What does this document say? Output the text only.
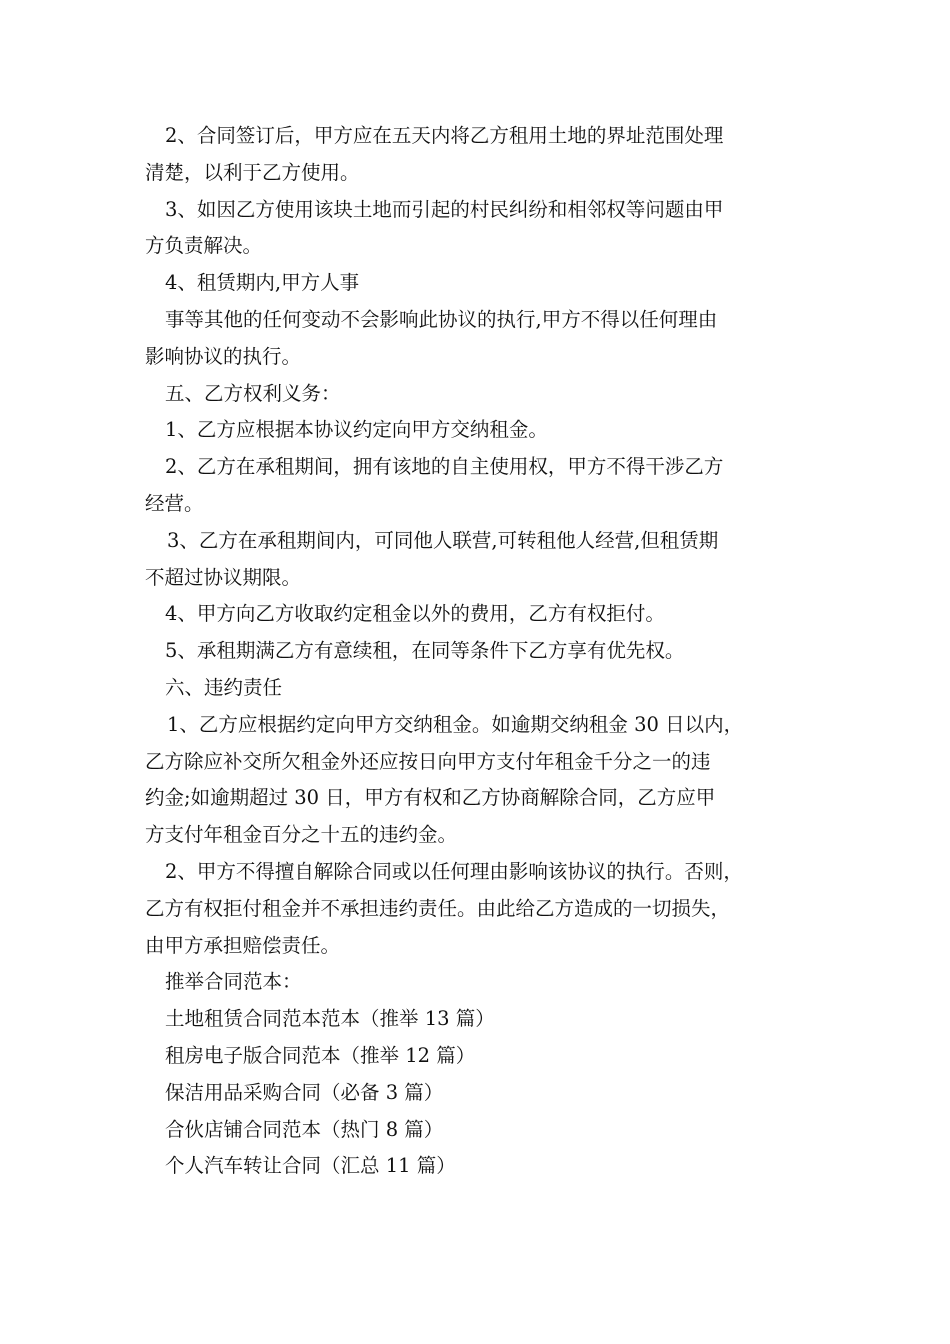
2、合同签订后，甲方应在五天内将乙方租用土地的界址范围处理
清楚，以利于乙方使用。

3、如因乙方使用该块土地而引起的村民纠纷和相邻权等问题由甲
方负责解决。

4、租赁期内,甲方人事

事等其他的任何变动不会影响此协议的执行,甲方不得以任何理由
影响协议的执行。

五、乙方权利义务：

1、乙方应根据本协议约定向甲方交纳租金。

2、乙方在承租期间，拥有该地的自主使用权，甲方不得干涉乙方
经营。

3、乙方在承租期间内，可同他人联营,可转租他人经营,但租赁期
不超过协议期限。

4、甲方向乙方收取约定租金以外的费用，乙方有权拒付。

5、承租期满乙方有意续租，在同等条件下乙方享有优先权。

六、违约责任

1、乙方应根据约定向甲方交纳租金。如逾期交纳租金 30 日以内，
乙方除应补交所欠租金外还应按日向甲方支付年租金千分之一的违
约金;如逾期超过 30 日，甲方有权和乙方协商解除合同，乙方应甲
方支付年租金百分之十五的违约金。

2、甲方不得擅自解除合同或以任何理由影响该协议的执行。否则，
乙方有权拒付租金并不承担违约责任。由此给乙方造成的一切损失，
由甲方承担赔偿责任。

推举合同范本：

土地租赁合同范本范本（推举 13 篇）
租房电子版合同范本（推举 12 篇）
保洁用品采购合同（必备 3 篇）
合伙店铺合同范本（热门 8 篇）
个人汽车转让合同（汇总 11 篇）
